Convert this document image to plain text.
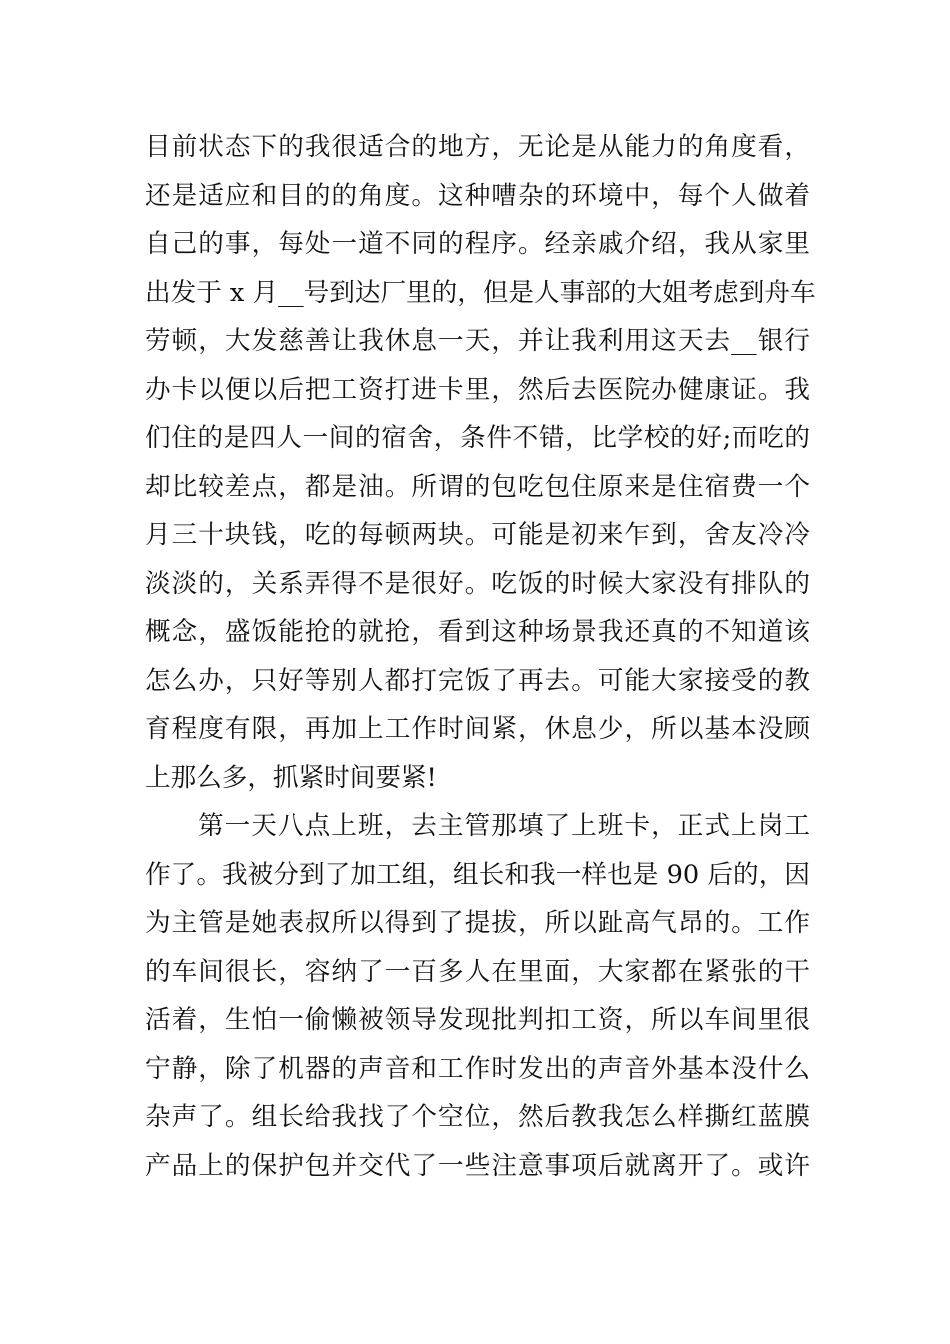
目前状态下的我很适合的地方，无论是从能力的角度看，
还是适应和目的的角度。这种嘈杂的环境中，每个人做着
自己的事，每处一道不同的程序。经亲戚介绍，我从家里
出发于 x 月__号到达厂里的，但是人事部的大姐考虑到舟车
劳顿，大发慈善让我休息一天，并让我利用这天去__银行
办卡以便以后把工资打进卡里，然后去医院办健康证。我
们住的是四人一间的宿舍，条件不错，比学校的好;而吃的
却比较差点，都是油。所谓的包吃包住原来是住宿费一个
月三十块钱，吃的每顿两块。可能是初来乍到，舍友冷冷
淡淡的，关系弄得不是很好。吃饭的时候大家没有排队的
概念，盛饭能抢的就抢，看到这种场景我还真的不知道该
怎么办，只好等别人都打完饭了再去。可能大家接受的教
育程度有限，再加上工作时间紧，休息少，所以基本没顾
上那么多，抓紧时间要紧!
第一天八点上班，去主管那填了上班卡，正式上岗工
作了。我被分到了加工组，组长和我一样也是 90 后的，因
为主管是她表叔所以得到了提拔，所以趾高气昂的。工作
的车间很长，容纳了一百多人在里面，大家都在紧张的干
活着，生怕一偷懒被领导发现批判扣工资，所以车间里很
宁静，除了机器的声音和工作时发出的声音外基本没什么
杂声了。组长给我找了个空位，然后教我怎么样撕红蓝膜
产品上的保护包并交代了一些注意事项后就离开了。或许
